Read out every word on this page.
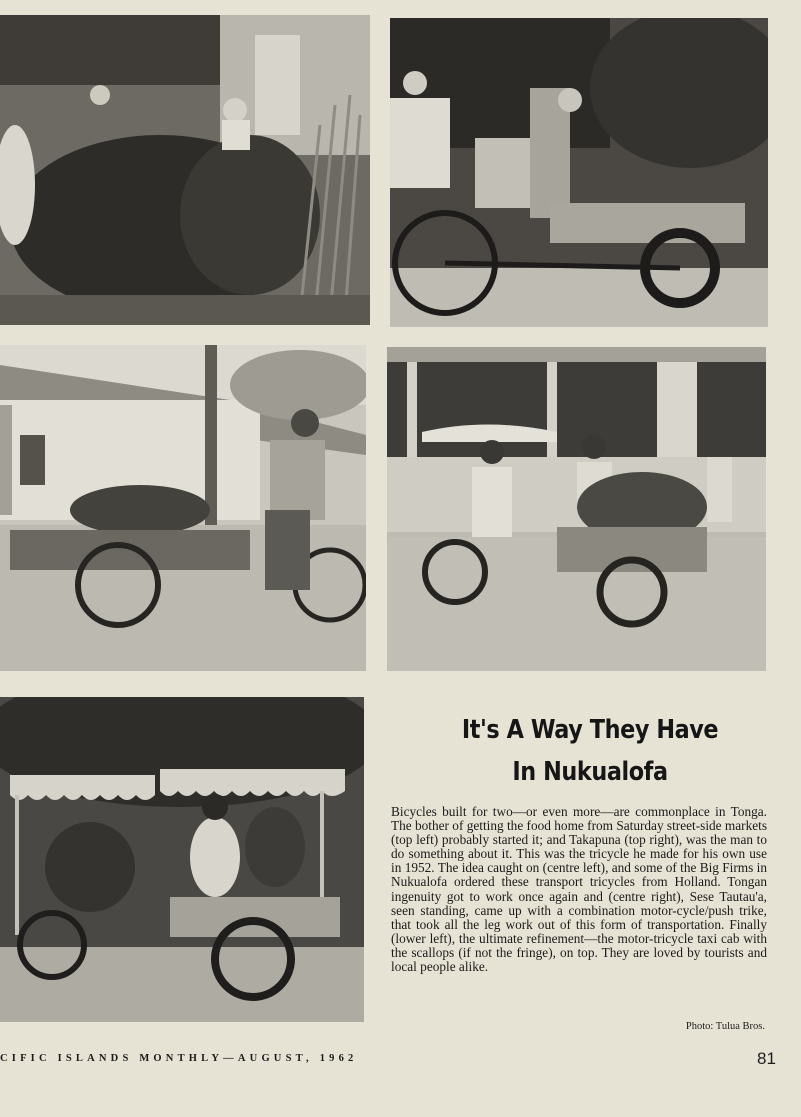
It's A Way They Have
In Nukualofa

Bicycles built for two—or even more—are commonplace in Tonga. The bother of getting the food home from Saturday street-side markets (top left) probably started it; and Takapuna (top right), was the man to do something about it. This was the tricycle he made for his own use in 1952. The idea caught on (centre left), and some of the Big Firms in Nukualofa ordered these transport tricycles from Holland. Tongan ingenuity got to work once again and (centre right), Sese Tautau'a, seen standing, came up with a combination motor-cycle/push trike, that took all the leg work out of this form of transportation. Finally (lower left), the ultimate refinement—the motor-tricycle taxi cab with the scallops (if not the fringe), on top. They are loved by tourists and local people alike.

Photo: Tulua Bros.
CIFIC ISLANDS MONTHLY—AUGUST, 1962	81
